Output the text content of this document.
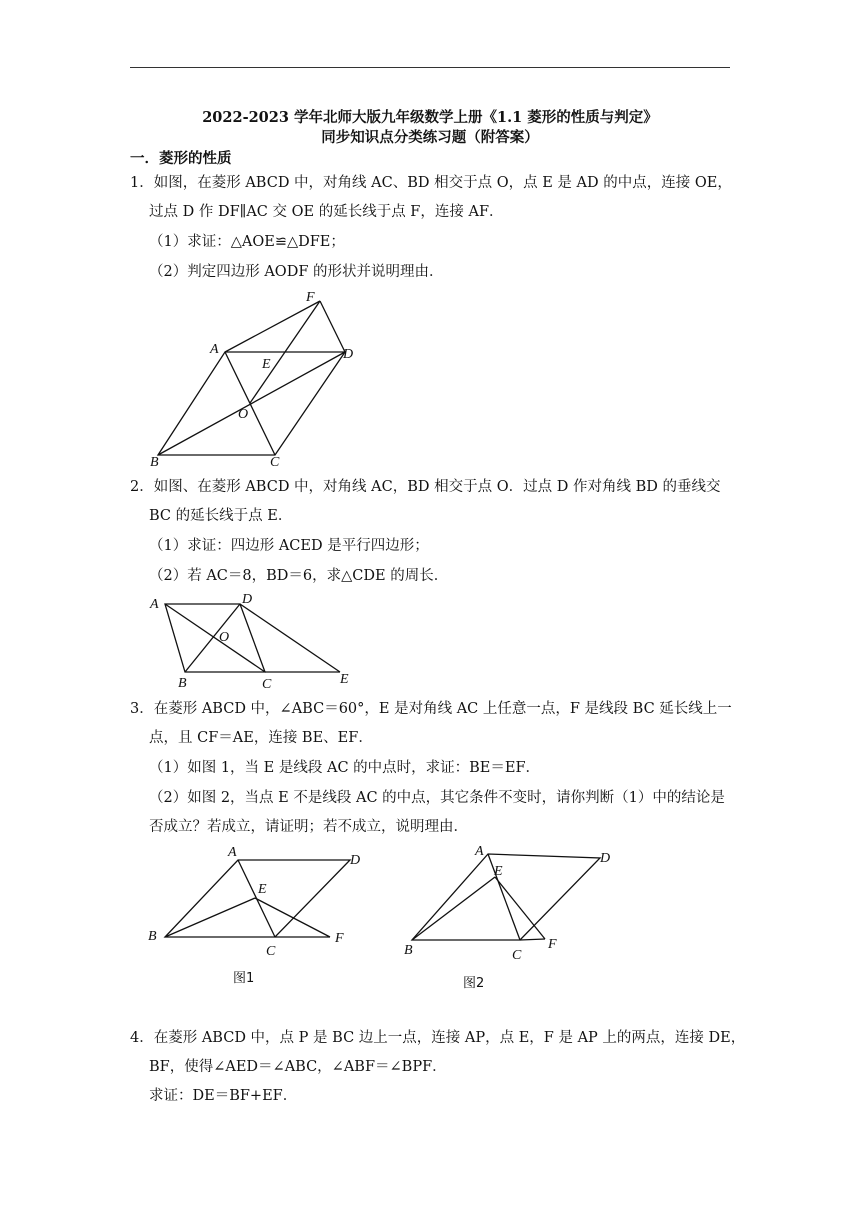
2022-2023 学年北师大版九年级数学上册《1.1 菱形的性质与判定》
同步知识点分类练习题（附答案）
一．菱形的性质
1．如图，在菱形 ABCD 中，对角线 AC、BD 相交于点 O，点 E 是 AD 的中点，连接 OE，
过点 D 作 DF∥AC 交 OE 的延长线于点 F，连接 AF．
（1）求证：△AOE≌△DFE；
（2）判定四边形 AODF 的形状并说明理由．
A
F
D
E
O
B	C
2．如图、在菱形 ABCD 中，对角线 AC，BD 相交于点 O．过点 D 作对角线 BD 的垂线交
BC 的延长线于点 E．
（1）求证：四边形 ACED 是平行四边形；
（2）若 AC＝8，BD＝6，求△CDE 的周长．
A	D
O
B	C	E
3．在菱形 ABCD 中，∠ABC＝60°，E 是对角线 AC 上任意一点，F 是线段 BC 延长线上一
点，且 CF＝AE，连接 BE、EF．
（1）如图 1，当 E 是线段 AC 的中点时，求证：BE＝EF．
（2）如图 2，当点 E 不是线段 AC 的中点，其它条件不变时，请你判断（1）中的结论是
否成立？若成立，请证明；若不成立，说明理由．
A
D
E
B
C
F
图1
A	D
E
B	C
F
图2
4．在菱形 ABCD 中，点 P 是 BC 边上一点，连接 AP，点 E，F 是 AP 上的两点，连接 DE，
BF，使得∠AED＝∠ABC，∠ABF＝∠BPF．
求证：DE＝BF+EF．
